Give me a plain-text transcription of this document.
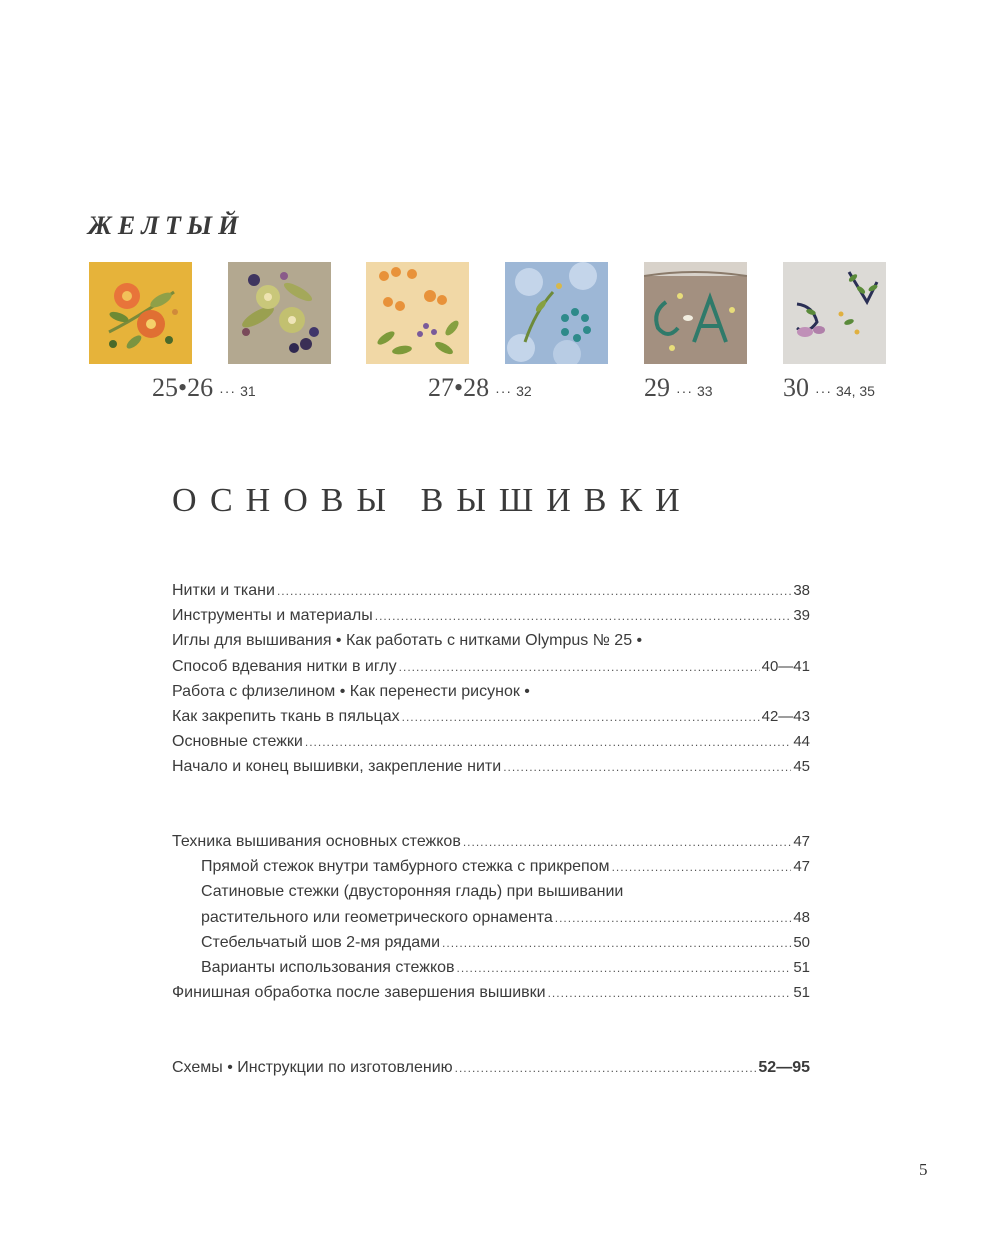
ЖЕЛТЫЙ
25•26 ··· 31	27•28 ··· 32	29 ··· 33	30 ··· 34, 35
ОСНОВЫ ВЫШИВКИ
Нитки и ткани .....	38
Инструменты и материалы .....	39
Иглы для вышивания • Как работать с нитками Olympus № 25 •
Способ вдевания нитки в иглу .....	40—41
Работа с флизелином • Как перенести рисунок •
Как закрепить ткань в пяльцах .....	42—43
Основные стежки .....	44
Начало и конец вышивки, закрепление нити .....	45
Техника вышивания основных стежков .....	47
Прямой стежок внутри тамбурного стежка с прикрепом .....	47
Сатиновые стежки (двусторонняя гладь) при вышивании
растительного или геометрического орнамента .....	48
Стебельчатый шов 2-мя рядами .....	50
Варианты использования стежков .....	51
Финишная обработка после завершения вышивки .....	51
Схемы • Инструкции по изготовлению .....	52—95
5
